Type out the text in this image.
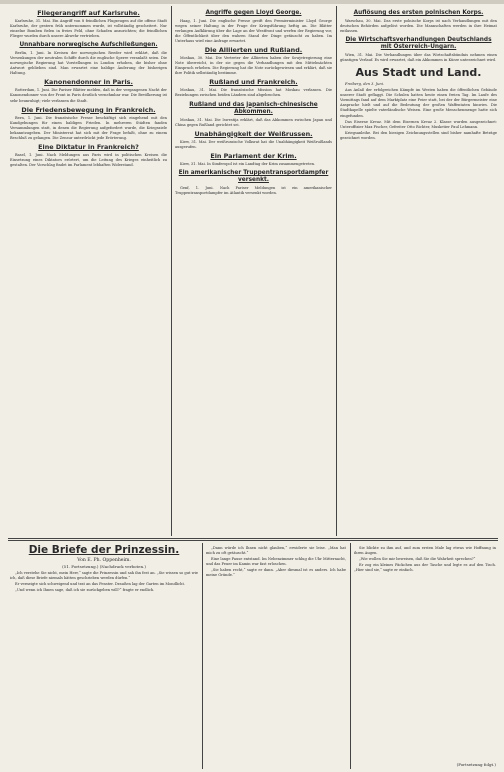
Fliegerangriff auf Karlsruhe.

Karlsruhe, 31. Mai. Ein Angriff von 8 feindlichen Flugzeugen auf die offene Stadt Karlsruhe, der gestern früh unternommen wurde, ist vollständig gescheitert. Nur einzelne Bomben fielen in freies Feld, ohne Schaden anzurichten; die feindlichen Flieger wurden durch unsere Abwehr vertrieben.

Unnahbare norwegische Aufschließungen.

Berlin, 1. Juni. In Kreisen der norwegischen Reeder wird erklärt, daß die Versenkungen der neutralen Schiffe durch die englische Sperre veranlaßt seien. Die norwegische Regierung hat Vorstellungen in London erhoben, die bisher ohne Antwort geblieben sind. Man erwartet eine baldige Änderung der bisherigen Haltung.

Kanonendonner in Paris.

Rotterdam, 1. Juni. Die Pariser Blätter melden, daß in der vergangenen Nacht der Kanonendonner von der Front in Paris deutlich vernehmbar war. Die Bevölkerung ist sehr beunruhigt; viele verlassen die Stadt.

Die Friedensbewegung in Frankreich.

Bern, 1. Juni. Die französische Presse beschäftigt sich eingehend mit den Kundgebungen für einen baldigen Frieden. In mehreren Städten fanden Versammlungen statt, in denen die Regierung aufgefordert wurde, die Kriegsziele bekanntzugeben. Der Ministerrat hat sich mit der Frage befaßt, ohne zu einem Beschluß zu gelangen. Die Zensur unterdrückt jede Erörterung.

Eine Diktatur in Frankreich?

Basel, 1. Juni. Nach Meldungen aus Paris wird in politischen Kreisen die Einsetzung eines Diktators erörtert, um die Leitung des Krieges einheitlich zu gestalten. Der Vorschlag findet im Parlament lebhaften Widerstand.

Angriffe gegen Lloyd George.

Haag, 1. Juni. Die englische Presse greift den Premierminister Lloyd George wegen seiner Haltung in der Frage der Kriegsführung heftig an. Die Blätter verlangen Aufklärung über die Lage an der Westfront und werfen der Regierung vor, die Öffentlichkeit über den wahren Stand der Dinge getäuscht zu haben. Im Unterhaus wird eine Anfrage erwartet.

Die Alliierten und Rußland.

Moskau, 30. Mai. Die Vertreter der Alliierten haben der Sowjetregierung eine Note überreicht, in der sie gegen die Verhandlungen mit den Mittelmächten Einspruch erheben. Die Regierung hat die Note zurückgewiesen und erklärt, daß sie ihre Politik selbständig bestimme.

Rußland und Frankreich.

Moskau, 31. Mai. Die französische Mission hat Moskau verlassen. Die Beziehungen zwischen beiden Ländern sind abgebrochen.

Rußland und das japanisch-chinesische Abkommen.

Moskau, 31. Mai. Die Iswestija erklärt, daß das Abkommen zwischen Japan und China gegen Rußland gerichtet sei.

Unabhängigkeit der Weißrussen.

Kiew, 31. Mai. Der weißrussische Volksrat hat die Unabhängigkeit Weißrußlands ausgerufen.

Ein Parlament der Krim.

Kiew, 31. Mai. In Simferopol ist ein Landtag der Krim zusammengetreten.

Ein amerikanischer Truppentransportdampfer versenkt.

Genf, 1. Juni. Nach Pariser Meldungen ist ein amerikanischer Truppentransportdampfer im Atlantik versenkt worden.

Auflösung des ersten polnischen Korps.

Warschau, 30. Mai. Das erste polnische Korps ist nach Verhandlungen mit den deutschen Behörden aufgelöst worden. Die Mannschaften werden in ihre Heimat entlassen.

Die Wirtschaftsverhandlungen Deutschlands mit Österreich-Ungarn.

Wien, 31. Mai. Die Verhandlungen über das Wirtschaftsbündnis nehmen einen günstigen Verlauf. Es wird erwartet, daß ein Abkommen in Kürze unterzeichnet wird.

Aus Stadt und Land.

Freiberg, den 3. Juni.

Aus Anlaß der erfolgreichen Kämpfe im Westen haben die öffentlichen Gebäude unserer Stadt geflaggt. Die Schulen hatten heute einen freien Tag. Im Laufe des Vormittags fand auf dem Marktplatz eine Feier statt, bei der der Bürgermeister eine Ansprache hielt und auf die Bedeutung der großen Waffentaten hinwies. Die Stadtkapelle spielte vaterländische Weisen. Eine große Menschenmenge hatte sich eingefunden.

Das Eiserne Kreuz. Mit dem Eisernen Kreuz 2. Klasse wurden ausgezeichnet: Unteroffizier Max Fischer, Gefreiter Otto Richter, Musketier Paul Lehmann.

Kriegsanleihe. Bei den hiesigen Zeichnungsstellen sind bisher namhafte Beträge gezeichnet worden.

Die Briefe der Prinzessin.
Von E. Ph. Oppenheim.
(51. Fortsetzung.) (Nachdruck verboten.)

„Ich verstehe Sie nicht, mein Herr,“ sagte die Prinzessin und sah ihn fest an. „Sie wissen so gut wie ich, daß diese Briefe niemals hätten geschrieben werden dürfen.“

Er verneigte sich schweigend und trat an das Fenster. Draußen lag der Garten im Mondlicht.

„Und wenn ich Ihnen sage, daß ich sie zurückgeben will?“ fragte er endlich.

„Dann würde ich Ihnen nicht glauben,“ erwiderte sie leise. „Man hat mich zu oft getäuscht.“

Eine lange Pause entstand. Im Nebenzimmer schlug die Uhr Mitternacht, und das Feuer im Kamin war fast erloschen.

„Sie haben recht,“ sagte er dann. „Aber diesmal ist es anders. Ich habe meine Gründe.“

Sie blickte zu ihm auf, und zum ersten Male lag etwas wie Hoffnung in ihren Augen.

„Wie wollen Sie mir beweisen, daß Sie die Wahrheit sprechen?“

Er zog ein kleines Päckchen aus der Tasche und legte es auf den Tisch. „Hier sind sie,“ sagte er einfach.

(Fortsetzung folgt.)
